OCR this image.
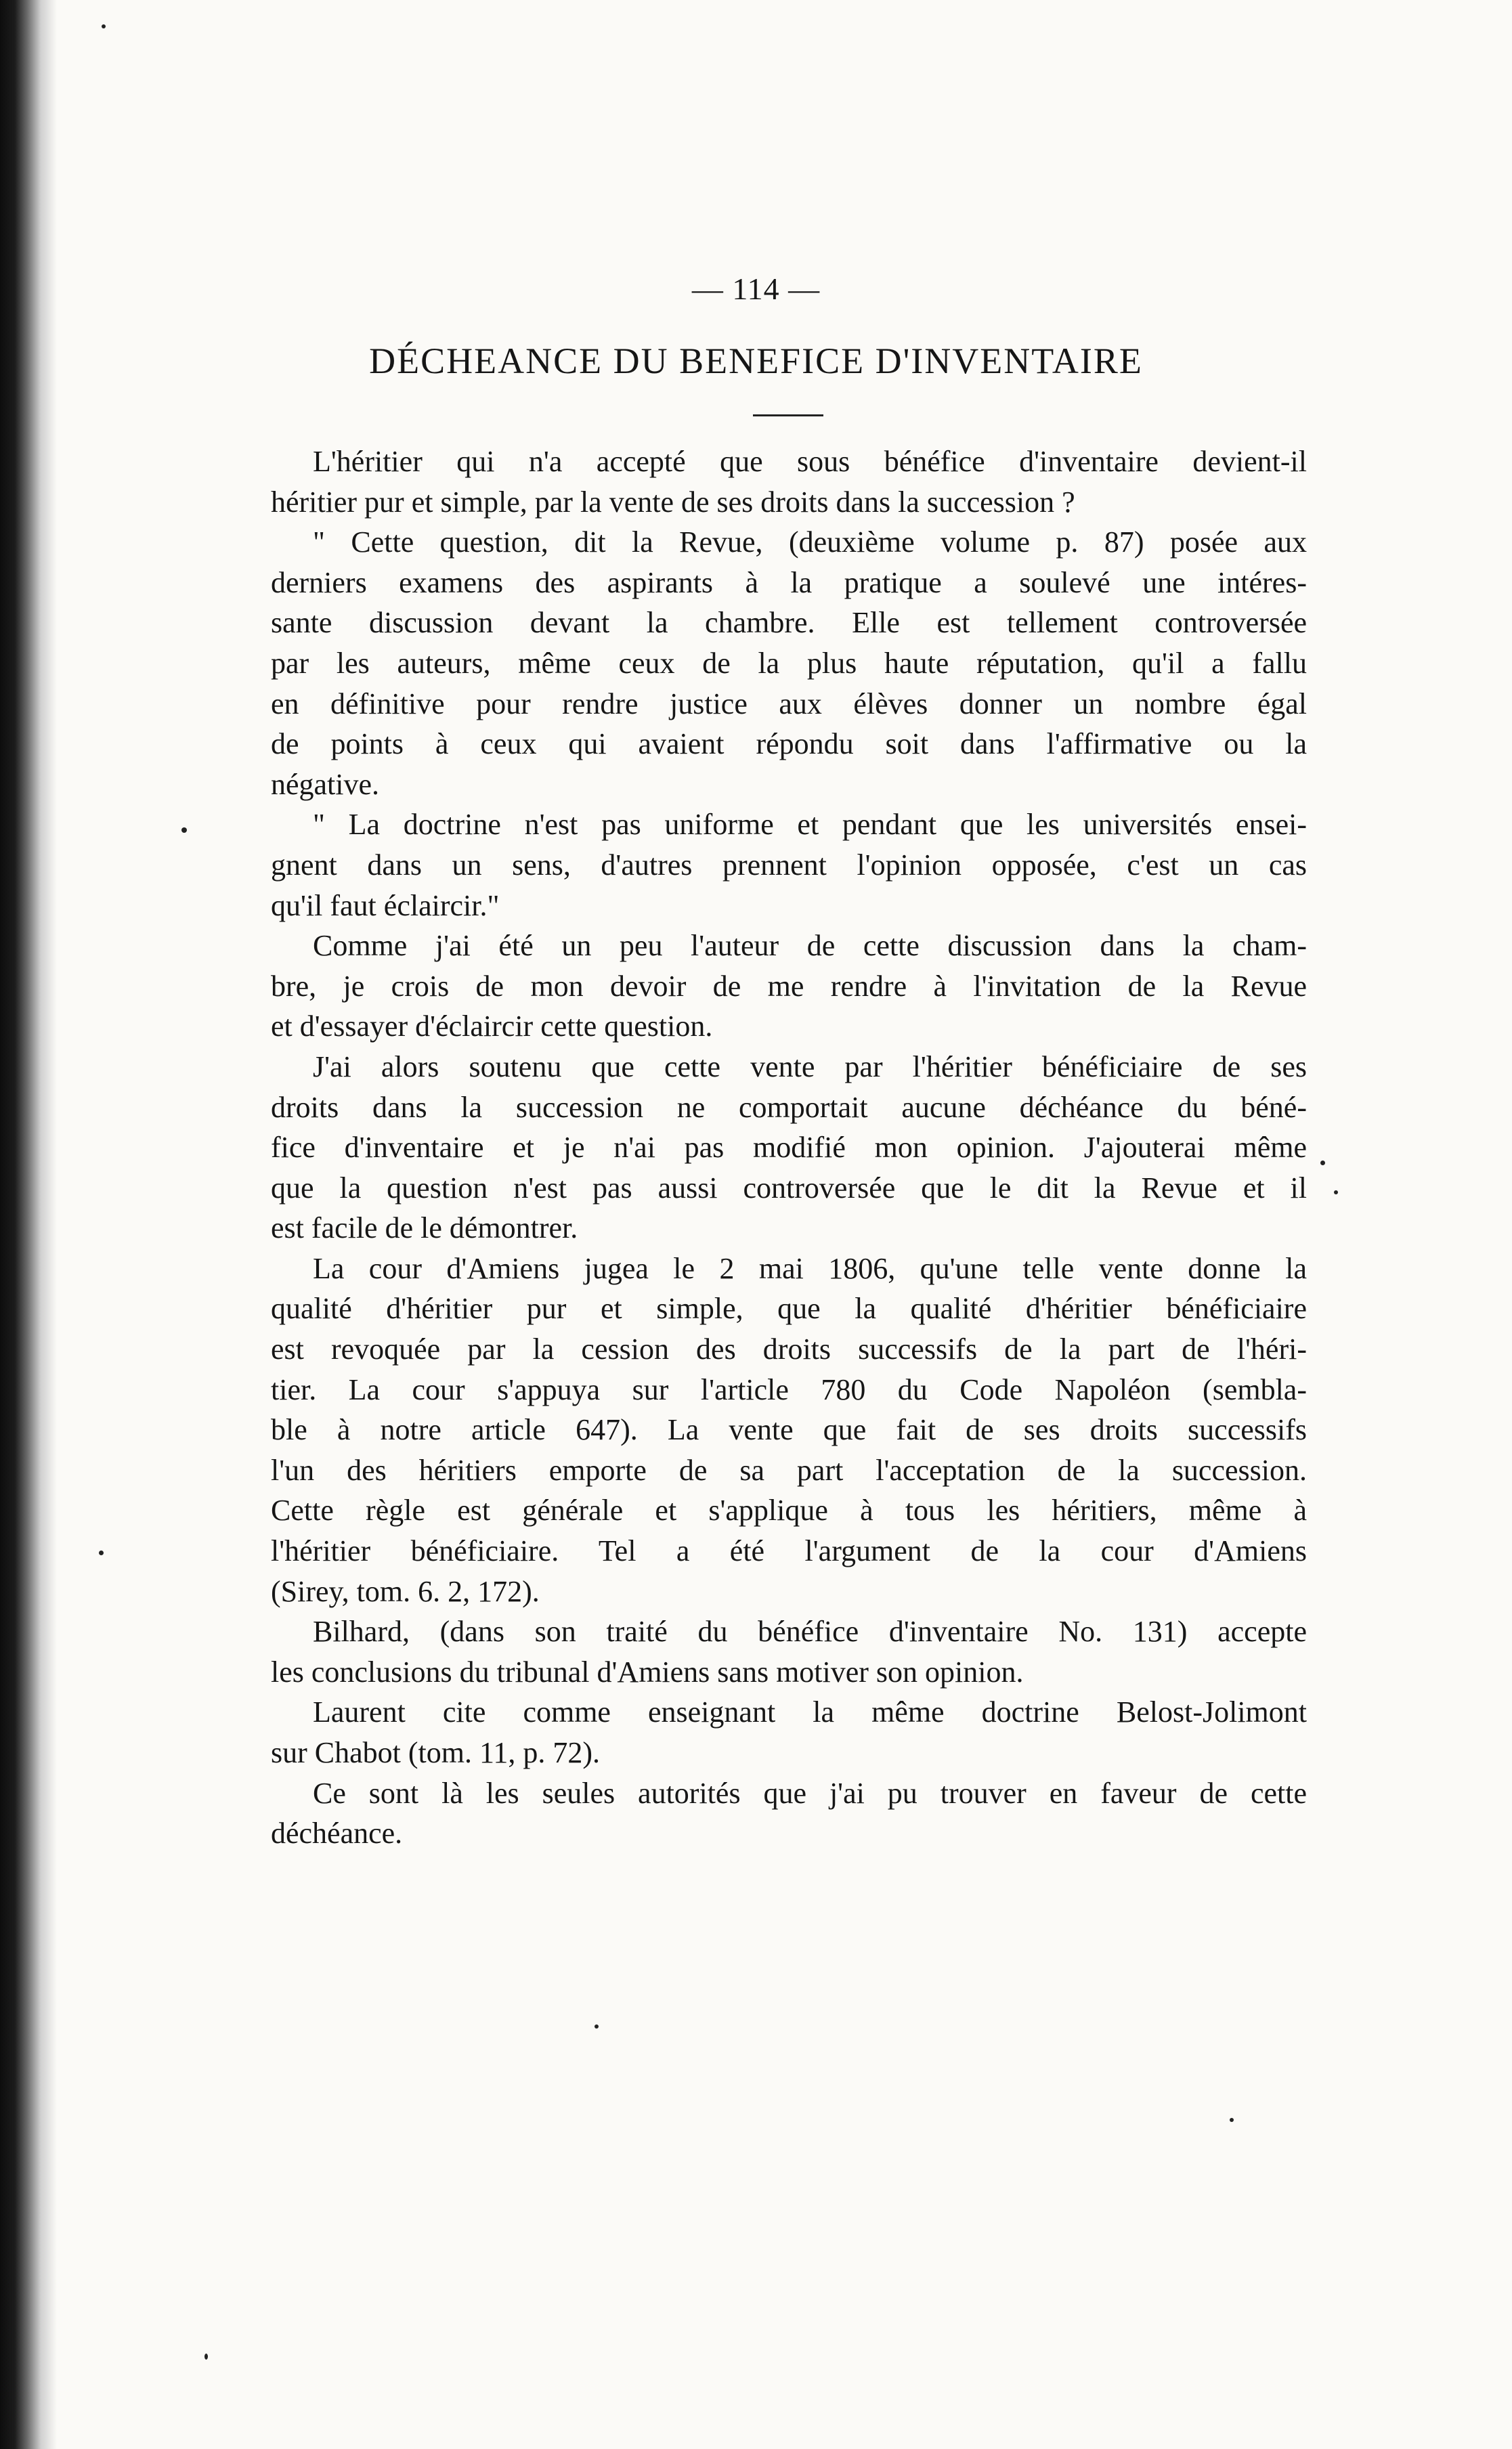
— 114 —
DÉCHEANCE DU BENEFICE D'INVENTAIRE
L'héritier qui n'a accepté que sous bénéfice d'inventaire devient-il
héritier pur et simple, par la vente de ses droits dans la succession ?
" Cette question, dit la Revue, (deuxième volume p. 87) posée aux
derniers examens des aspirants à la pratique a soulevé une intéres-
sante discussion devant la chambre. Elle est tellement controversée
par les auteurs, même ceux de la plus haute réputation, qu'il a fallu
en définitive pour rendre justice aux élèves donner un nombre égal
de points à ceux qui avaient répondu soit dans l'affirmative ou la
négative.
" La doctrine n'est pas uniforme et pendant que les universités ensei-
gnent dans un sens, d'autres prennent l'opinion opposée, c'est un cas
qu'il faut éclaircir."
Comme j'ai été un peu l'auteur de cette discussion dans la cham-
bre, je crois de mon devoir de me rendre à l'invitation de la Revue
et d'essayer d'éclaircir cette question.
J'ai alors soutenu que cette vente par l'héritier bénéficiaire de ses
droits dans la succession ne comportait aucune déchéance du béné-
fice d'inventaire et je n'ai pas modifié mon opinion. J'ajouterai même
que la question n'est pas aussi controversée que le dit la Revue et il
est facile de le démontrer.
La cour d'Amiens jugea le 2 mai 1806, qu'une telle vente donne la
qualité d'héritier pur et simple, que la qualité d'héritier bénéficiaire
est revoquée par la cession des droits successifs de la part de l'héri-
tier. La cour s'appuya sur l'article 780 du Code Napoléon (sembla-
ble à notre article 647). La vente que fait de ses droits successifs
l'un des héritiers emporte de sa part l'acceptation de la succession.
Cette règle est générale et s'applique à tous les héritiers, même à
l'héritier bénéficiaire. Tel a été l'argument de la cour d'Amiens
(Sirey, tom. 6. 2, 172).
Bilhard, (dans son traité du bénéfice d'inventaire No. 131) accepte
les conclusions du tribunal d'Amiens sans motiver son opinion.
Laurent cite comme enseignant la même doctrine Belost-Jolimont
sur Chabot (tom. 11, p. 72).
Ce sont là les seules autorités que j'ai pu trouver en faveur de cette
déchéance.
